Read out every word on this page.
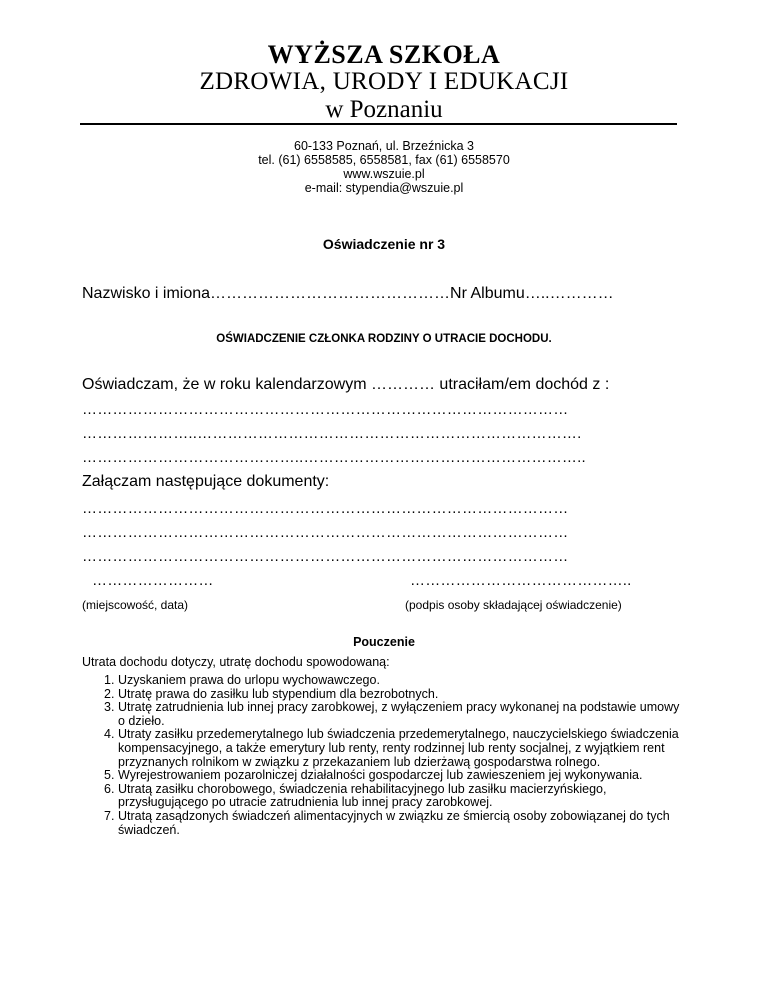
WYŻSZA SZKOŁA
ZDROWIA, URODY I EDUKACJI
w Poznaniu
60-133 Poznań, ul. Brzeźnicka 3
tel. (61) 6558585, 6558581, fax (61) 6558570
www.wszuie.pl
e-mail: stypendia@wszuie.pl
Oświadczenie nr 3
Nazwisko i imiona………………………………………Nr Albumu…..…………
OŚWIADCZENIE CZŁONKA RODZINY O UTRACIE DOCHODU.
Oświadczam, że w roku kalendarzowym ………… utraciłam/em dochód z :
……………………………………………………………………………………
…………………..………………………………………………………………….
……………………………………..………………………………………………..
Załączam następujące dokumenty:
……………………………………………………………………………………
……………………………………………………………………………………
……………………………………………………………………………………
……………………	……………………………………..
(miejscowość, data)	(podpis osoby składającej oświadczenie)
Pouczenie
Utrata dochodu dotyczy, utratę dochodu spowodowaną:
1. Uzyskaniem prawa do urlopu wychowawczego.
2. Utratę prawa do zasiłku lub stypendium dla bezrobotnych.
3. Utratę zatrudnienia lub innej pracy zarobkowej, z wyłączeniem pracy wykonanej na podstawie umowy o dzieło.
4. Utraty zasiłku przedemerytalnego lub świadczenia przedemerytalnego, nauczycielskiego świadczenia kompensacyjnego, a także emerytury lub renty, renty rodzinnej lub renty socjalnej, z wyjątkiem rent przyznanych rolnikom w związku z przekazaniem lub dzierżawą gospodarstwa rolnego.
5. Wyrejestrowaniem pozarolniczej działalności gospodarczej lub zawieszeniem jej wykonywania.
6. Utratą zasiłku chorobowego, świadczenia rehabilitacyjnego lub zasiłku macierzyńskiego, przysługującego po utracie zatrudnienia lub innej pracy zarobkowej.
7. Utratą zasądzonych świadczeń alimentacyjnych w związku ze śmiercią osoby zobowiązanej do tych świadczeń.
